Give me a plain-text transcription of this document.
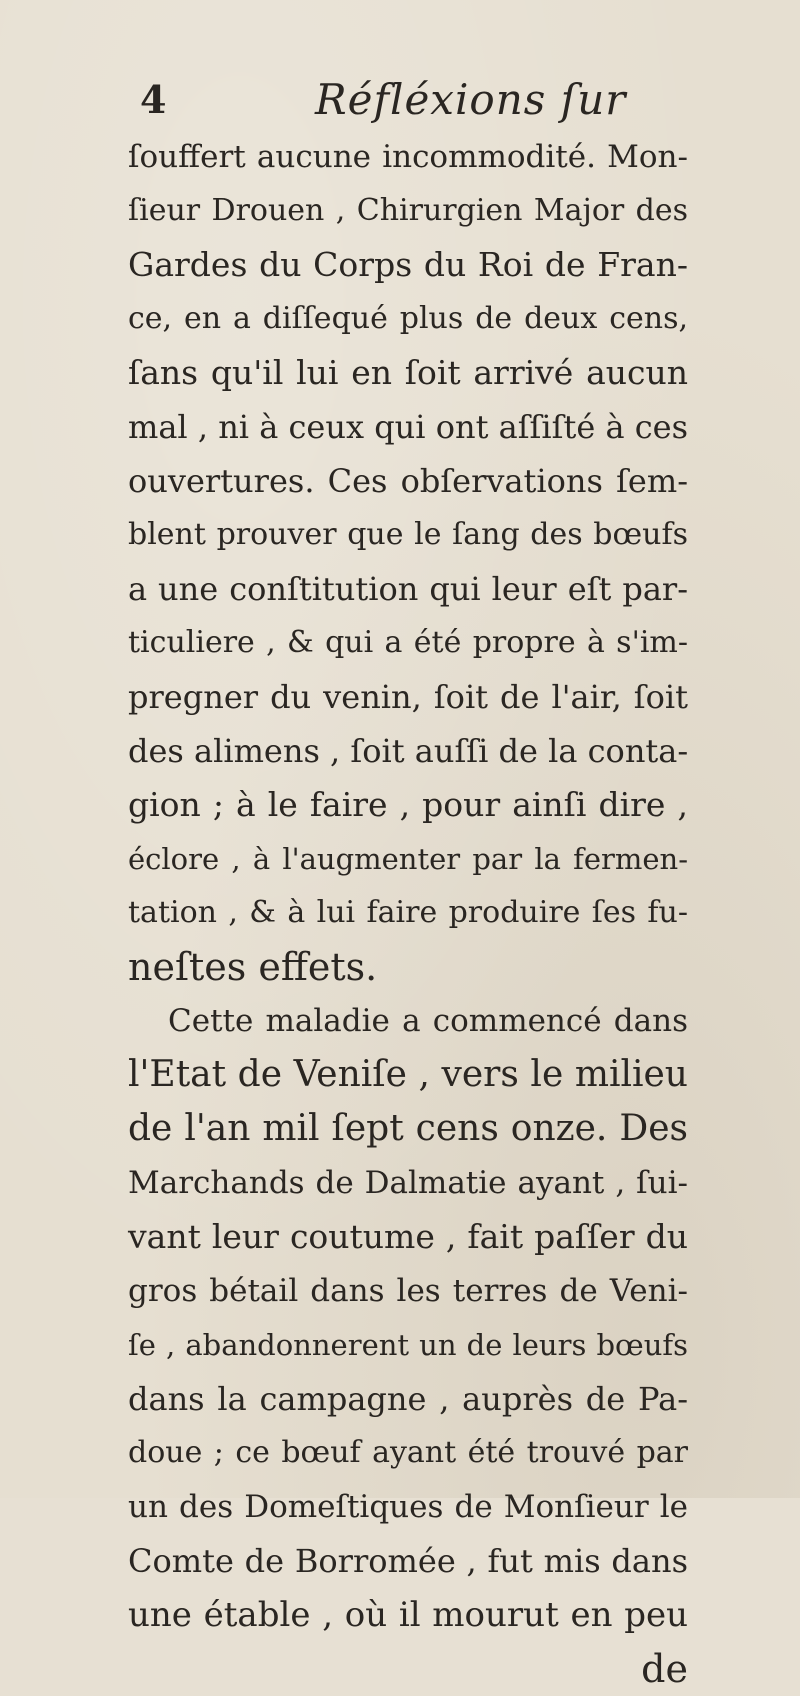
4	Réfléxions ſur
ſouffert aucune incommodité. Mon-
ſieur Drouen , Chirurgien Major des
Gardes du Corps du Roi de Fran-
ce, en a diſſequé plus de deux cens,
ſans qu'il lui en ſoit arrivé aucun
mal , ni à ceux qui ont aſſiſté à ces
ouvertures. Ces obſervations ſem-
blent prouver que le ſang des bœufs
a une conſtitution qui leur eſt par-
ticuliere , & qui a été propre à s'im-
pregner du venin, ſoit de l'air, ſoit
des alimens , ſoit auſſi de la conta-
gion ; à le faire , pour ainſi dire ,
éclore , à l'augmenter par la fermen-
tation , & à lui faire produire ſes fu-
neſtes effets.
Cette maladie a commencé dans
l'Etat de Veniſe , vers le milieu
de l'an mil ſept cens onze. Des
Marchands de Dalmatie ayant , ſui-
vant leur coutume , fait paſſer du
gros bétail dans les terres de Veni-
ſe , abandonnerent un de leurs bœufs
dans la campagne , auprès de Pa-
doue ; ce bœuf ayant été trouvé par
un des Domeſtiques de Monſieur le
Comte de Borromée , fut mis dans
une étable , où il mourut en peu
de
